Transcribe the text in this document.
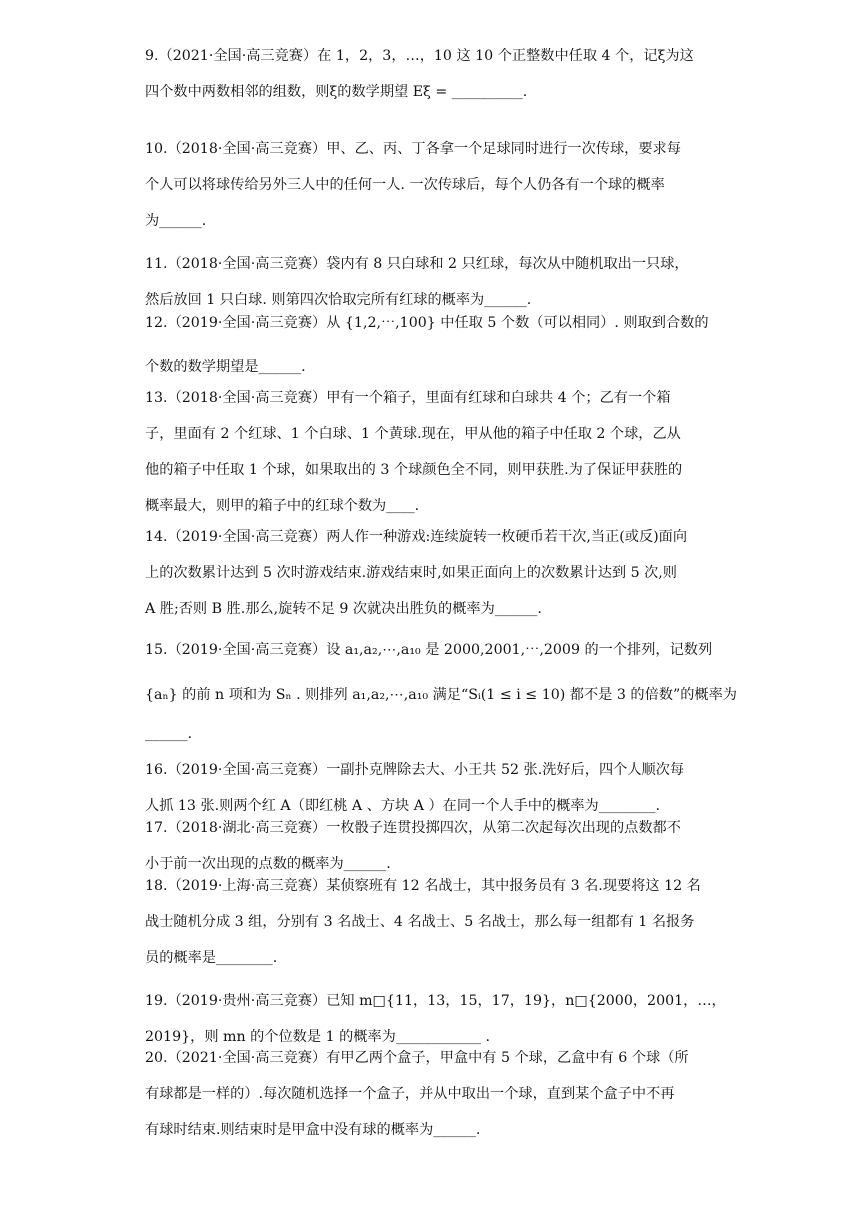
9.（2021·全国·高三竞赛）在 1，2，3，…，10 这 10 个正整数中任取 4 个，记ξ为这
四个数中两数相邻的组数，则ξ的数学期望 Eξ = __________.
10.（2018·全国·高三竞赛）甲、乙、丙、丁各拿一个足球同时进行一次传球，要求每
个人可以将球传给另外三人中的任何一人. 一次传球后，每个人仍各有一个球的概率
为______.
11.（2018·全国·高三竞赛）袋内有 8 只白球和 2 只红球，每次从中随机取出一只球，
然后放回 1 只白球. 则第四次恰取完所有红球的概率为______.
12.（2019·全国·高三竞赛）从 {1,2,⋯,100} 中任取 5 个数（可以相同）. 则取到合数的
个数的数学期望是______.
13.（2018·全国·高三竞赛）甲有一个箱子，里面有红球和白球共 4 个；乙有一个箱
子，里面有 2 个红球、1 个白球、1 个黄球.现在，甲从他的箱子中任取 2 个球，乙从
他的箱子中任取 1 个球，如果取出的 3 个球颜色全不同，则甲获胜.为了保证甲获胜的
概率最大，则甲的箱子中的红球个数为____.
14.（2019·全国·高三竞赛）两人作一种游戏:连续旋转一枚硬币若干次,当正(或反)面向
上的次数累计达到 5 次时游戏结束.游戏结束时,如果正面向上的次数累计达到 5 次,则
A 胜;否则 B 胜.那么,旋转不足 9 次就决出胜负的概率为______.
15.（2019·全国·高三竞赛）设 a₁,a₂,⋯,a₁₀ 是 2000,2001,⋯,2009 的一个排列，记数列
{aₙ} 的前 n 项和为 Sₙ . 则排列 a₁,a₂,⋯,a₁₀ 满足“Sᵢ(1 ≤ i ≤ 10) 都不是 3 的倍数”的概率为
______.
16.（2019·全国·高三竞赛）一副扑克牌除去大、小王共 52 张.洗好后，四个人顺次每
人抓 13 张.则两个红 A（即红桃 A 、方块 A ）在同一个人手中的概率为________.
17.（2018·湖北·高三竞赛）一枚骰子连贯投掷四次，从第二次起每次出现的点数都不
小于前一次出现的点数的概率为______.
18.（2019·上海·高三竞赛）某侦察班有 12 名战士，其中报务员有 3 名.现要将这 12 名
战士随机分成 3 组，分别有 3 名战士、4 名战士、5 名战士，那么每一组都有 1 名报务
员的概率是________.
19.（2019·贵州·高三竞赛）已知 m□{11，13，15，17，19}，n□{2000，2001，…，
2019}，则 mn 的个位数是 1 的概率为____________ .
20.（2021·全国·高三竞赛）有甲乙两个盒子，甲盒中有 5 个球，乙盒中有 6 个球（所
有球都是一样的）.每次随机选择一个盒子，并从中取出一个球，直到某个盒子中不再
有球时结束.则结束时是甲盒中没有球的概率为______.
